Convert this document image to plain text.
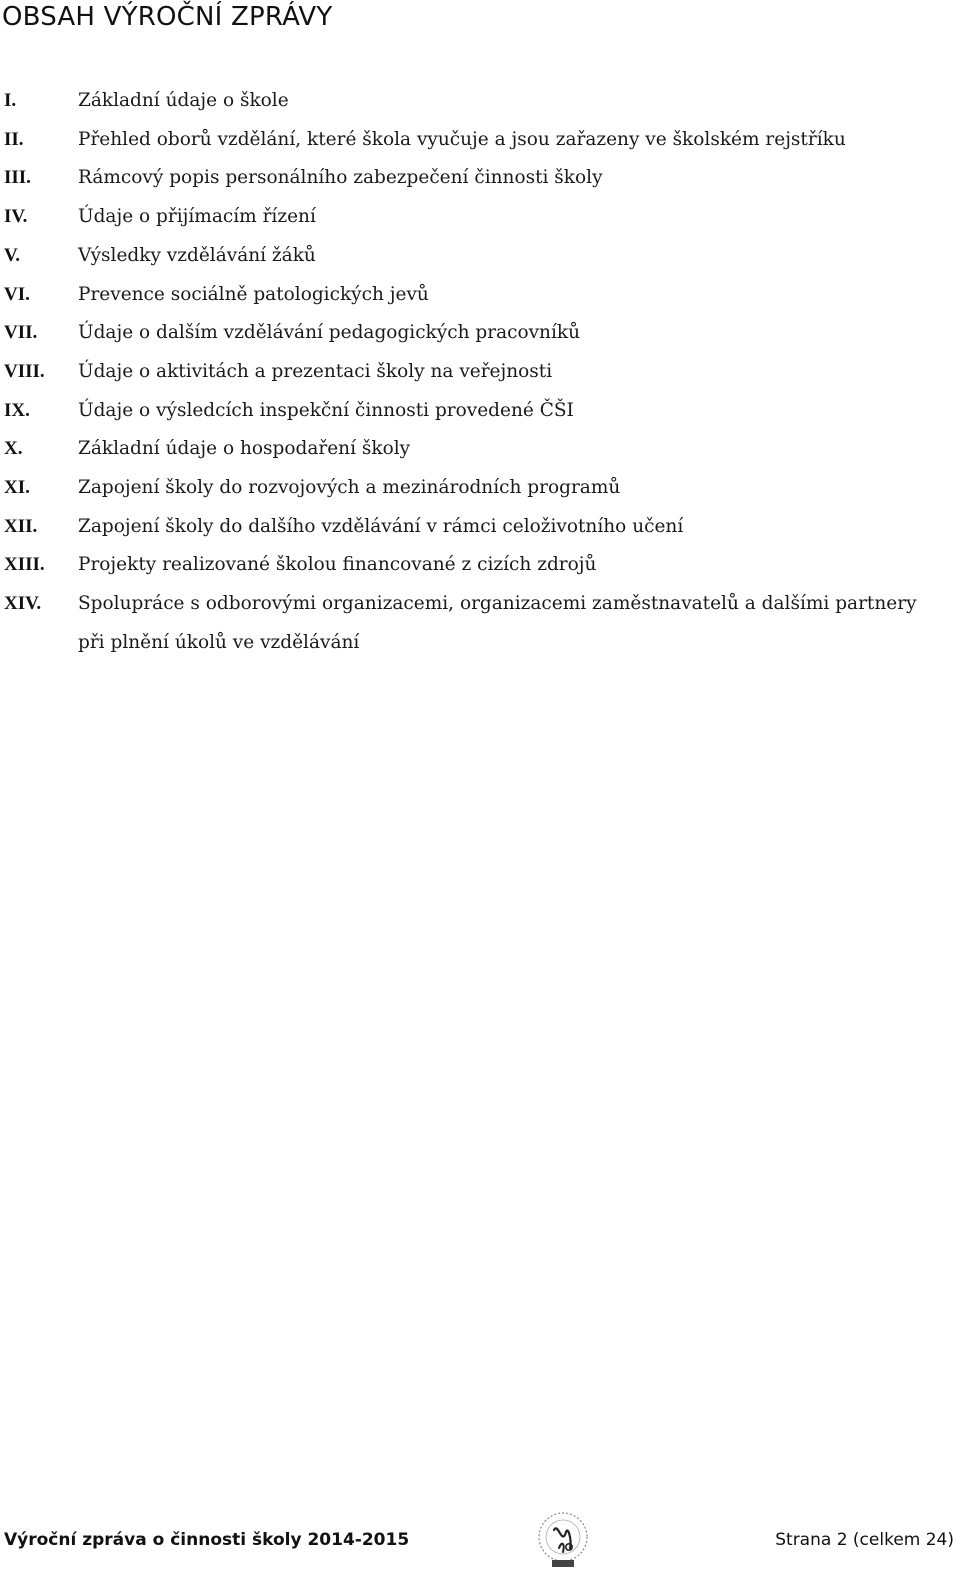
OBSAH VÝROČNÍ ZPRÁVY
I.	Základní údaje o škole
II.	Přehled oborů vzdělání, které škola vyučuje a jsou zařazeny ve školském rejstříku
III.	Rámcový popis personálního zabezpečení činnosti školy
IV.	Údaje o přijímacím řízení
V.	Výsledky vzdělávání žáků
VI.	Prevence sociálně patologických jevů
VII.	Údaje o dalším vzdělávání pedagogických pracovníků
VIII.	Údaje o aktivitách a prezentaci školy na veřejnosti
IX.	Údaje o výsledcích inspekční činnosti provedené ČŠI
X.	Základní údaje o hospodaření školy
XI.	Zapojení školy do rozvojových a mezinárodních programů
XII.	Zapojení školy do dalšího vzdělávání v rámci celoživotního učení
XIII.	Projekty realizované školou financované z cizích zdrojů
XIV.	Spolupráce s odborovými organizacemi, organizacemi zaměstnavatelů a dalšími partnery
při plnění úkolů ve vzdělávání
Výroční zpráva o činnosti školy 2014-2015	Strana 2 (celkem 24)
